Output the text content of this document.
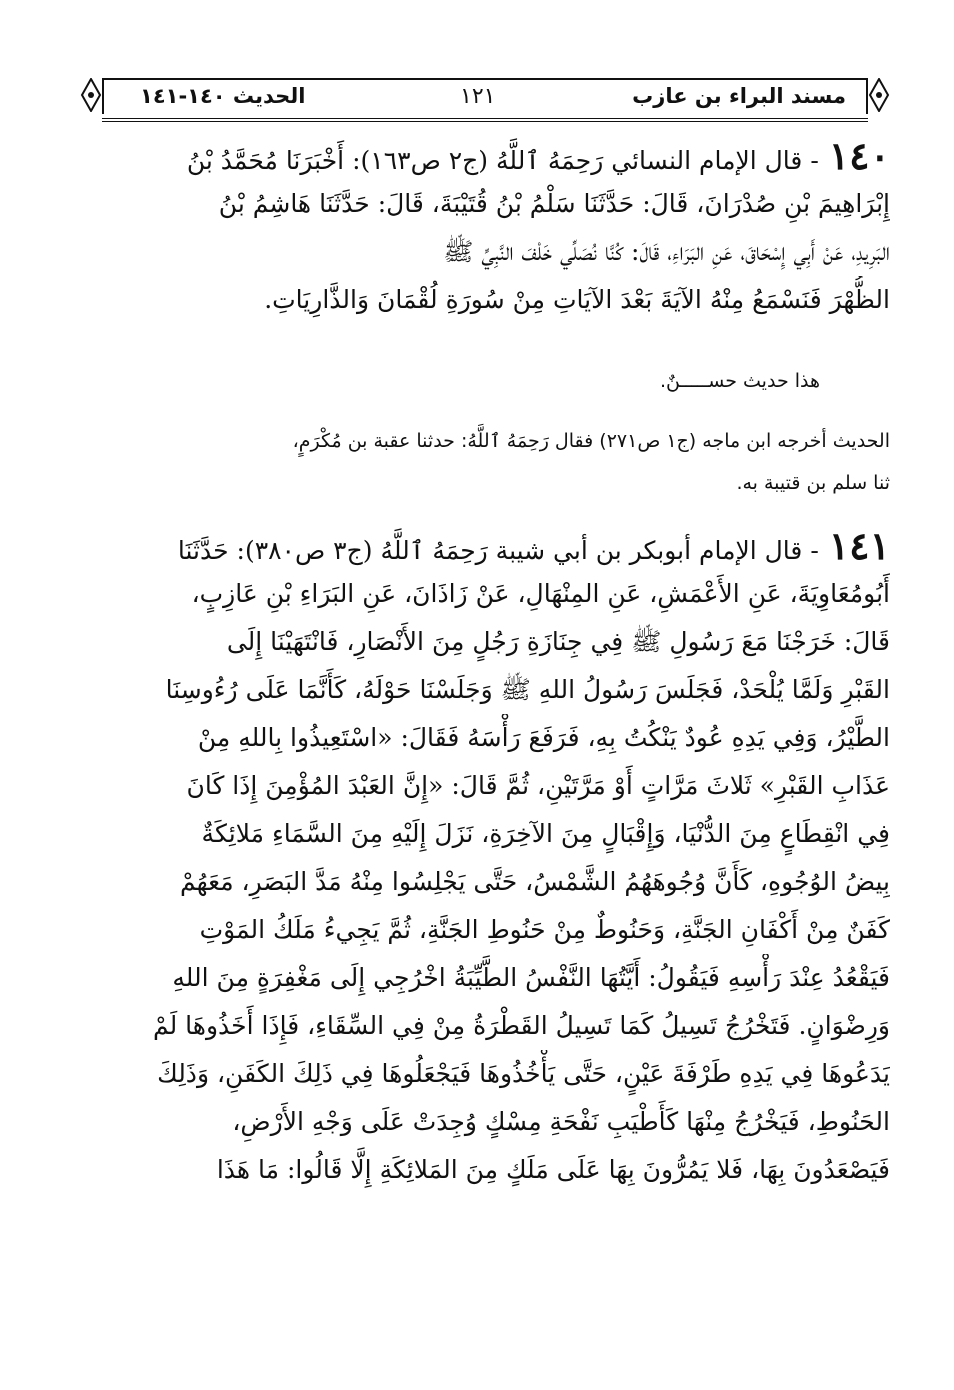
مسند البراء بن عازب
١٢١
الحديث ١٤٠-١٤١
١٤٠- قال الإمام النسائي رَحِمَهُ ٱللَّهُ (ج٢ ص١٦٣): أَخْبَرَنَا مُحَمَّدُ بْنُ
إِبْرَاهِيمَ بْنِ صُدْرَانَ، قَالَ: حَدَّثَنَا سَلْمُ بْنُ قُتَيْبَةَ، قَالَ: حَدَّثَنَا هَاشِمُ بْنُ
البَرِيدِ، عَنْ أَبِي إِسْحَاقَ، عَنِ البَرَاءِ، قَالَ: كُنَّا نُصَلِّي خَلْفَ النَّبِيِّ ﷺ
الظُّهْرَ فَنَسْمَعُ مِنْهُ الآيَةَ بَعْدَ الآيَاتِ مِنْ سُورَةِ لُقْمَانَ وَالذَّارِيَاتِ.
هذا حديث حســـــنٌ.
الحديث أخرجه ابن ماجه (ج١ ص٢٧١) فقال رَحِمَهُ ٱللَّهُ: حدثنا عقبة بن مُكْرَمٍ،
ثنا سلم بن قتيبة به.
١٤١- قال الإمام أبوبكر بن أبي شيبة رَحِمَهُ ٱللَّهُ (ج٣ ص٣٨٠): حَدَّثَنَا
أَبُومُعَاوِيَةَ، عَنِ الأَعْمَشِ، عَنِ المِنْهَالِ، عَنْ زَاذَانَ، عَنِ البَرَاءِ بْنِ عَازِبٍ،
قَالَ: خَرَجْنَا مَعَ رَسُولِ ﷺ فِي جِنَازَةِ رَجُلٍ مِنَ الأَنْصَارِ، فَانْتَهَيْنَا إِلَى
القَبْرِ وَلَمَّا يُلْحَدْ، فَجَلَسَ رَسُولُ اللهِ ﷺ وَجَلَسْنَا حَوْلَهُ، كَأَنَّمَا عَلَى رُءُوسِنَا
الطَّيْرُ، وَفِي يَدِهِ عُودٌ يَنْكُتُ بِهِ، فَرَفَعَ رَأْسَهُ فَقَالَ: «اسْتَعِيذُوا بِاللهِ مِنْ
عَذَابِ القَبْرِ» ثَلاثَ مَرَّاتٍ أَوْ مَرَّتَيْنِ، ثُمَّ قَالَ: «إِنَّ العَبْدَ المُؤْمِنَ إِذَا كَانَ
فِي انْقِطَاعٍ مِنَ الدُّنْيَا، وَإِقْبَالٍ مِنَ الآخِرَةِ، نَزَلَ إِلَيْهِ مِنَ السَّمَاءِ مَلائِكَةٌ
بِيضُ الوُجُوهِ، كَأَنَّ وُجُوهَهُمُ الشَّمْسُ، حَتَّى يَجْلِسُوا مِنْهُ مَدَّ البَصَرِ، مَعَهُمْ
كَفَنٌ مِنْ أَكْفَانِ الجَنَّةِ، وَحَنُوطٌ مِنْ حَنُوطِ الجَنَّةِ، ثُمَّ يَجِيءُ مَلَكُ المَوْتِ
فَيَقْعُدُ عِنْدَ رَأْسِهِ فَيَقُولُ: أَيَّتُهَا النَّفْسُ الطَّيِّبَةُ اخْرُجِي إِلَى مَغْفِرَةٍ مِنَ اللهِ
وَرِضْوَانٍ. فَتَخْرُجُ تَسِيلُ كَمَا تَسِيلُ القَطْرَةُ مِنْ فِي السِّقَاءِ، فَإِذَا أَخَذُوهَا لَمْ
يَدَعُوهَا فِي يَدِهِ طَرْفَةَ عَيْنٍ، حَتَّى يَأْخُذُوهَا فَيَجْعَلُوهَا فِي ذَلِكَ الكَفَنِ، وَذَلِكَ
الحَنُوطِ، فَيَخْرُجُ مِنْهَا كَأَطْيَبِ نَفْحَةِ مِسْكٍ وُجِدَتْ عَلَى وَجْهِ الأَرْضِ،
فَيَصْعَدُونَ بِهَا، فَلا يَمُرُّونَ بِهَا عَلَى مَلَكٍ مِنَ المَلائِكَةِ إِلَّا قَالُوا: مَا هَذَا
